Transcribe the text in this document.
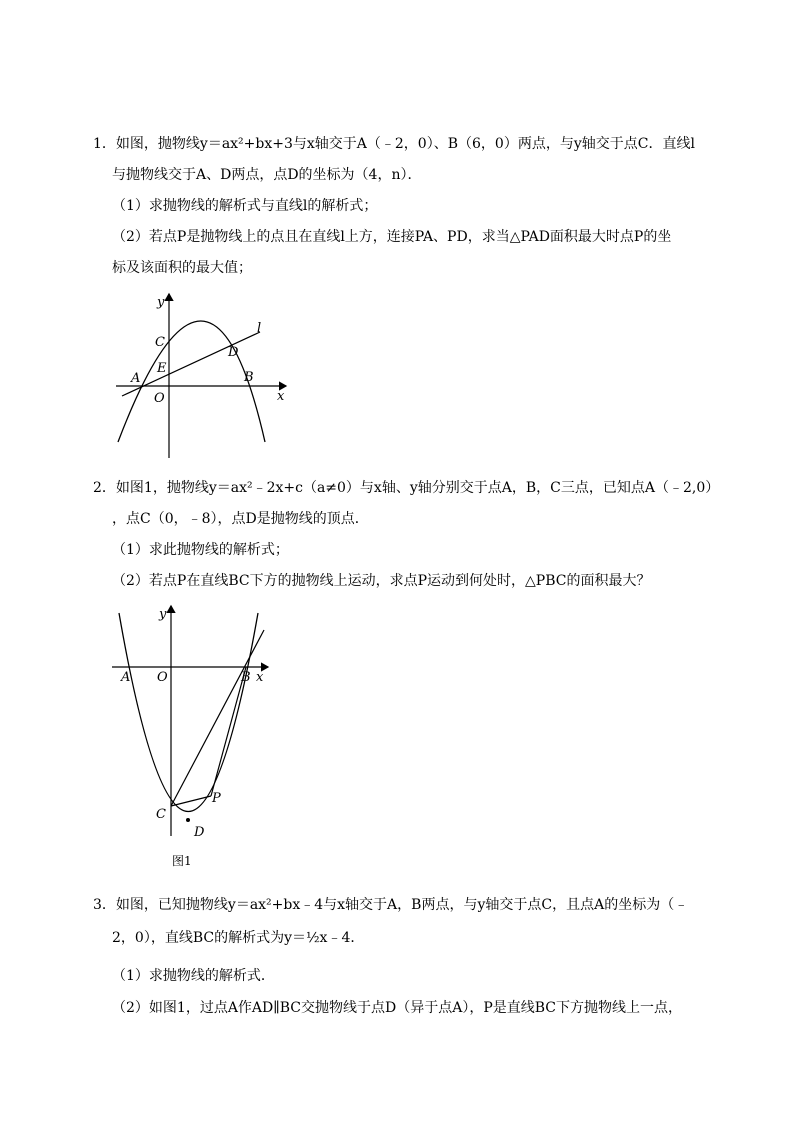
1．如图，抛物线y＝ax²+bx+3与x轴交于A（﹣2，0）、B（6，0）两点，与y轴交于点C．直线l
与抛物线交于A、D两点，点D的坐标为（4，n）．
（1）求抛物线的解析式与直线l的解析式；
（2）若点P是抛物线上的点且在直线l上方，连接PA、PD，求当△PAD面积最大时点P的坐
标及该面积的最大值；
y
x
O
A	B
C
D
E
l
2．如图1，抛物线y＝ax²﹣2x+c（a≠0）与x轴、y轴分别交于点A，B，C三点，已知点A（﹣2,0）
，点C（0，﹣8），点D是抛物线的顶点．
（1）求此抛物线的解析式；
（2）若点P在直线BC下方的抛物线上运动，求点P运动到何处时，△PBC的面积最大？
y
x
O
A	B
C
P
D
图1
3．如图，已知抛物线y＝ax²+bx﹣4与x轴交于A，B两点，与y轴交于点C，且点A的坐标为（﹣
2，0），直线BC的解析式为y＝½x﹣4．
（1）求抛物线的解析式．
（2）如图1，过点A作AD∥BC交抛物线于点D（异于点A），P是直线BC下方抛物线上一点，
